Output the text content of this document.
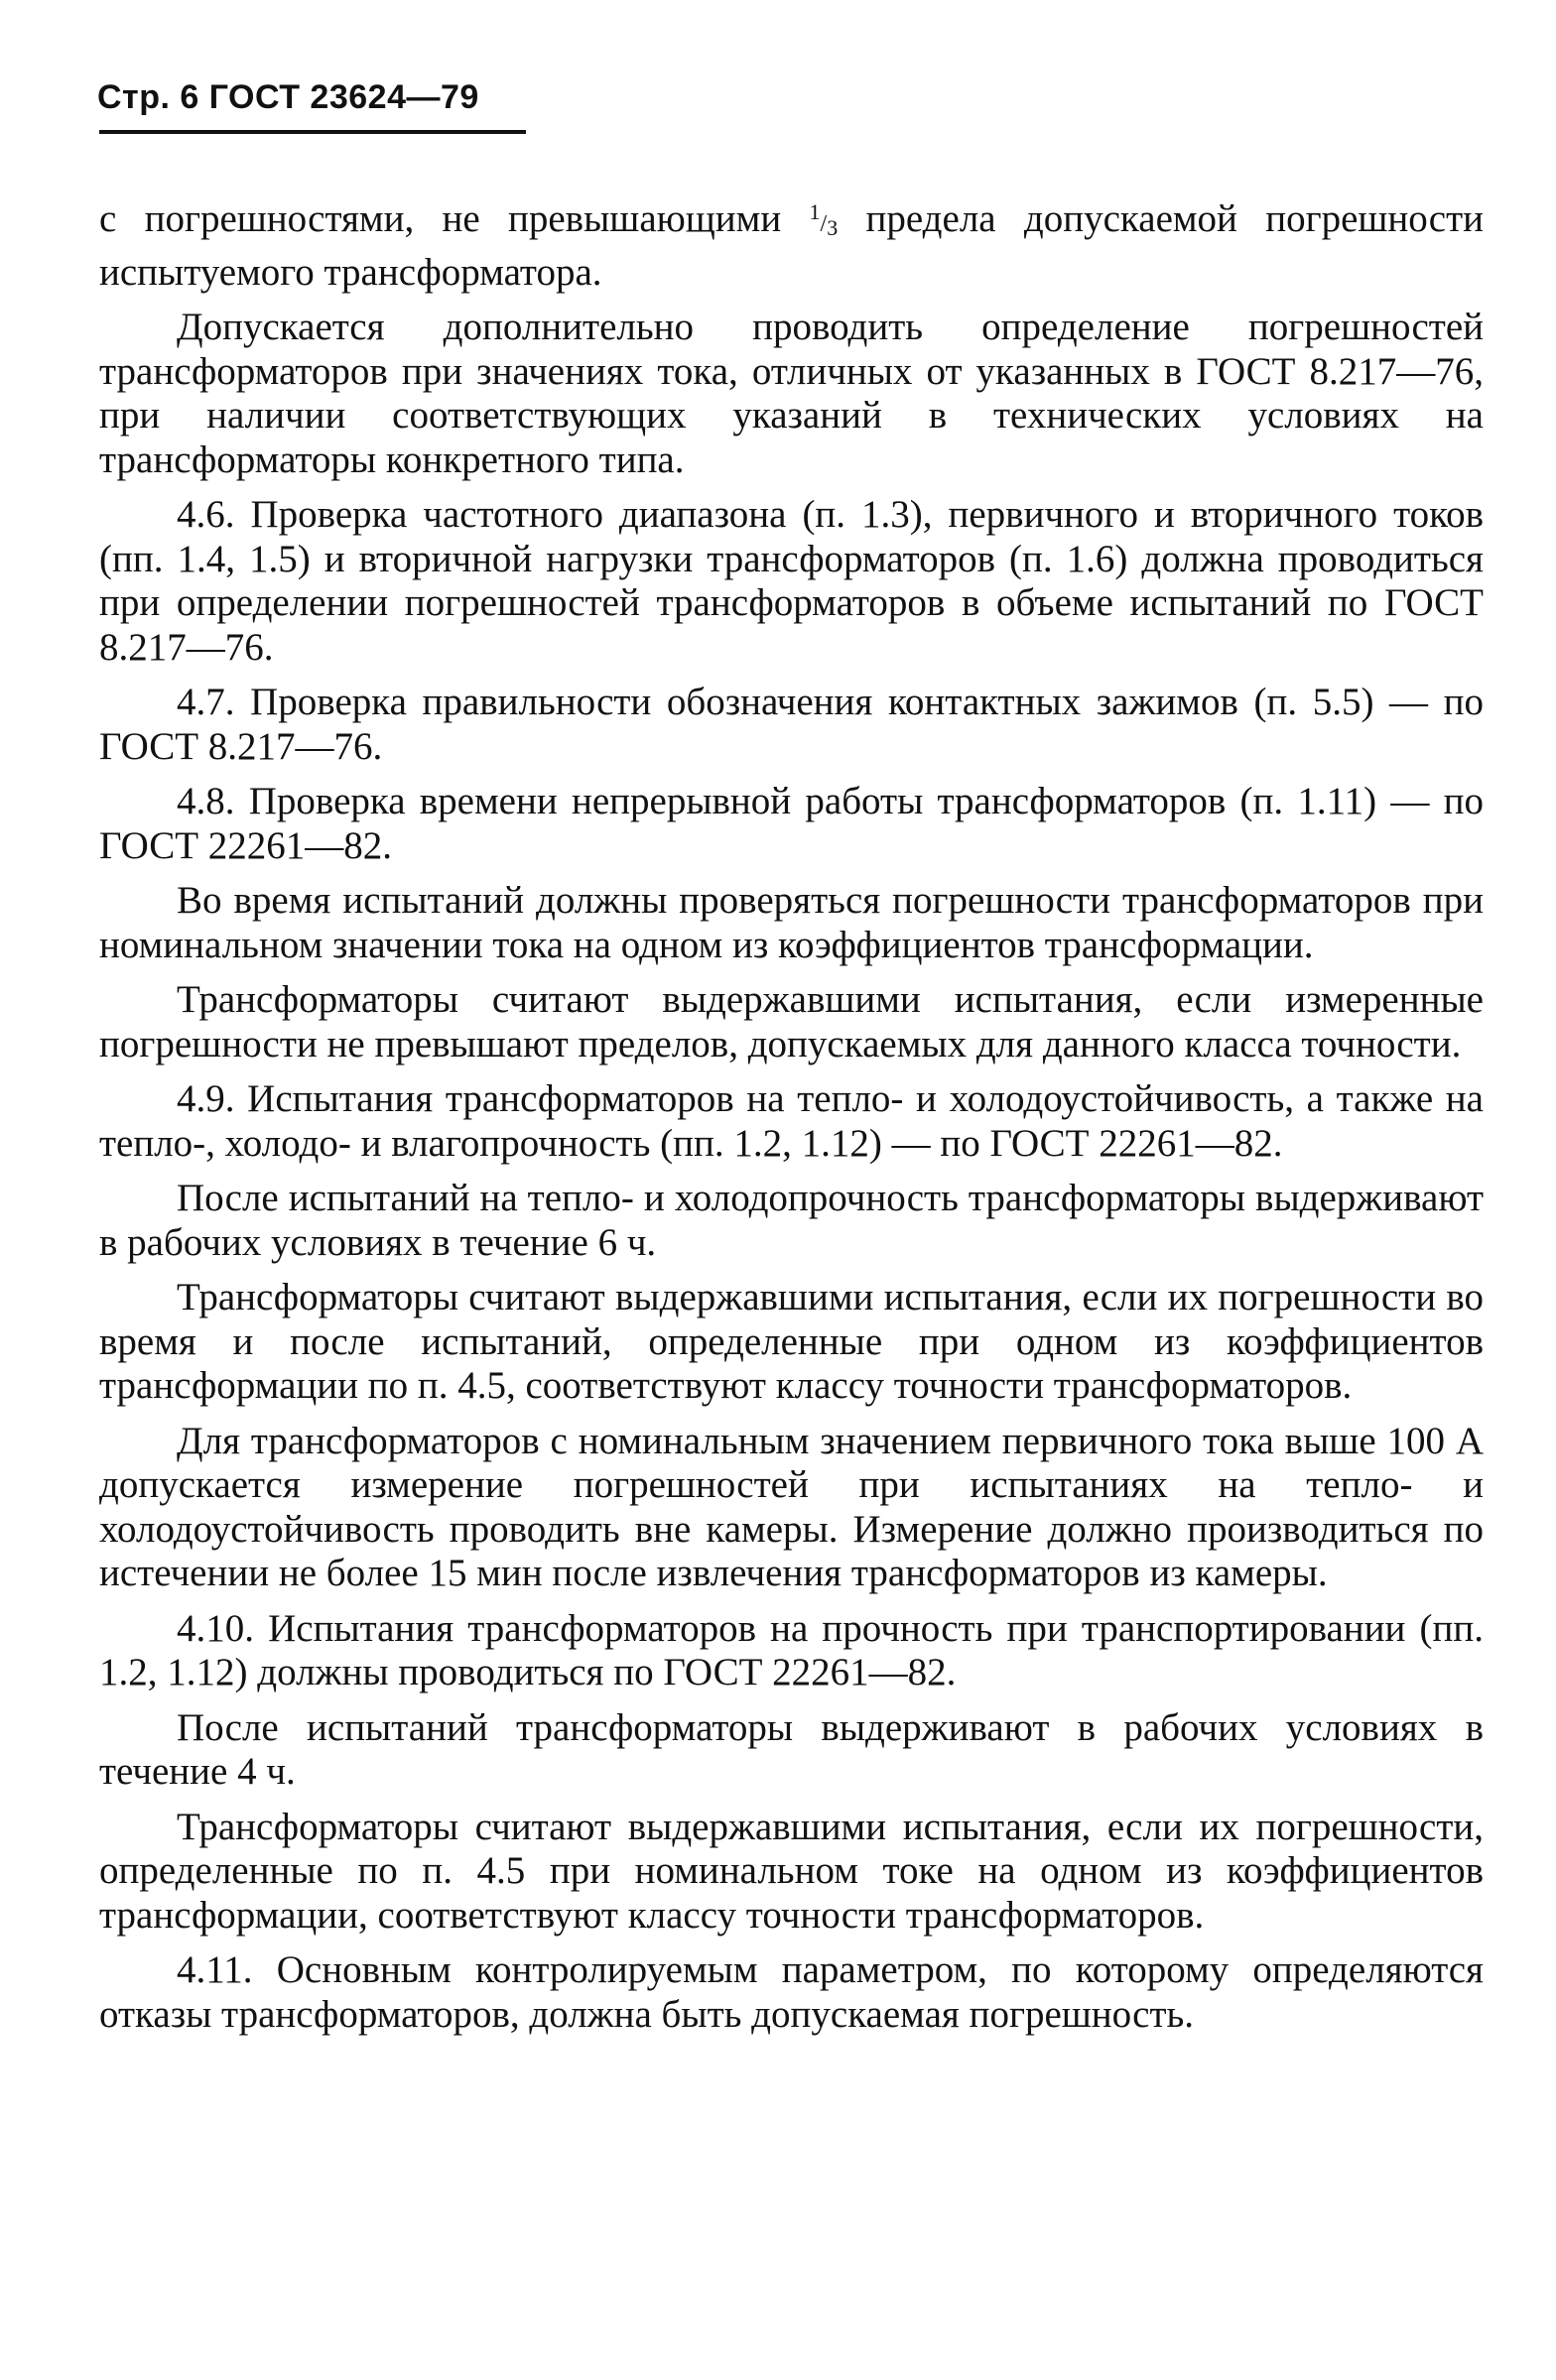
Стр. 6 ГОСТ 23624—79

с погрешностями, не превышающими $^1/_3$ предела допускаемой погрешности испытуемого трансформатора.

Допускается дополнительно проводить определение погрешностей трансформаторов при значениях тока, отличных от указанных в ГОСТ 8.217—76, при наличии соответствующих указаний в технических условиях на трансформаторы конкретного типа.

4.6. Проверка частотного диапазона (п. 1.3), первичного и вторичного токов (пп. 1.4, 1.5) и вторичной нагрузки трансформаторов (п. 1.6) должна проводиться при определении погрешностей трансформаторов в объеме испытаний по ГОСТ 8.217—76.

4.7. Проверка правильности обозначения контактных зажимов (п. 5.5) — по ГОСТ 8.217—76.

4.8. Проверка времени непрерывной работы трансформаторов (п. 1.11) — по ГОСТ 22261—82.

Во время испытаний должны проверяться погрешности трансформаторов при номинальном значении тока на одном из коэффициентов трансформации.

Трансформаторы считают выдержавшими испытания, если измеренные погрешности не превышают пределов, допускаемых для данного класса точности.

4.9. Испытания трансформаторов на тепло- и холодоустойчивость, а также на тепло-, холодо- и влагопрочность (пп. 1.2, 1.12) — по ГОСТ 22261—82.

После испытаний на тепло- и холодопрочность трансформаторы выдерживают в рабочих условиях в течение 6 ч.

Трансформаторы считают выдержавшими испытания, если их погрешности во время и после испытаний, определенные при одном из коэффициентов трансформации по п. 4.5, соответствуют классу точности трансформаторов.

Для трансформаторов с номинальным значением первичного тока выше 100 А допускается измерение погрешностей при испытаниях на тепло- и холодоустойчивость проводить вне камеры. Измерение должно производиться по истечении не более 15 мин после извлечения трансформаторов из камеры.

4.10. Испытания трансформаторов на прочность при транспортировании (пп. 1.2, 1.12) должны проводиться по ГОСТ 22261—82.

После испытаний трансформаторы выдерживают в рабочих условиях в течение 4 ч.

Трансформаторы считают выдержавшими испытания, если их погрешности, определенные по п. 4.5 при номинальном токе на одном из коэффициентов трансформации, соответствуют классу точности трансформаторов.

4.11. Основным контролируемым параметром, по которому определяются отказы трансформаторов, должна быть допускаемая погрешность.
